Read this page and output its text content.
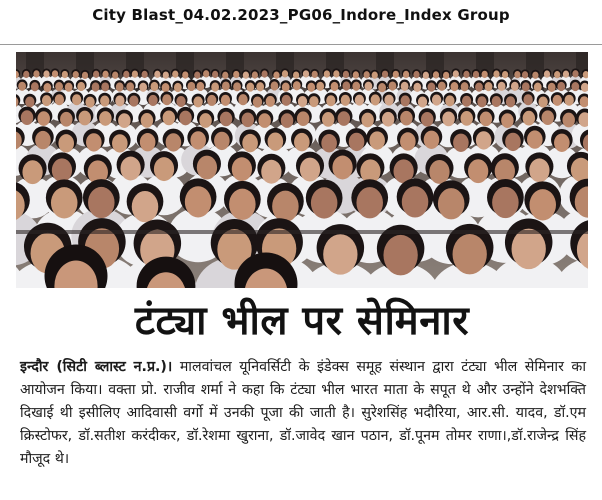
City Blast_04.02.2023_PG06_Indore_Index Group
टंट्या भील पर सेमिनार
इन्दौर (सिटी ब्लास्ट न.प्र.)। मालवांचल यूनिवर्सिटी के इंडेक्स समूह संस्थान द्वारा टंट्या भील सेमिनार का आयोजन किया। वक्ता प्रो. राजीव शर्मा ने कहा कि टंट्या भील भारत माता के सपूत थे और उन्होंने देशभक्ति दिखाई थी इसीलिए आदिवासी वर्गो में उनकी पूजा की जाती है। सुरेशसिंह भदौरिया, आर.सी. यादव, डॉ.एम क्रिस्टोफर, डॉ.सतीश करंदीकर, डॉ.रेशमा खुराना, डॉ.जावेद खान पठान, डॉ.पूनम तोमर राणा।,डॉ.राजेन्द्र सिंह मौजूद थे।
